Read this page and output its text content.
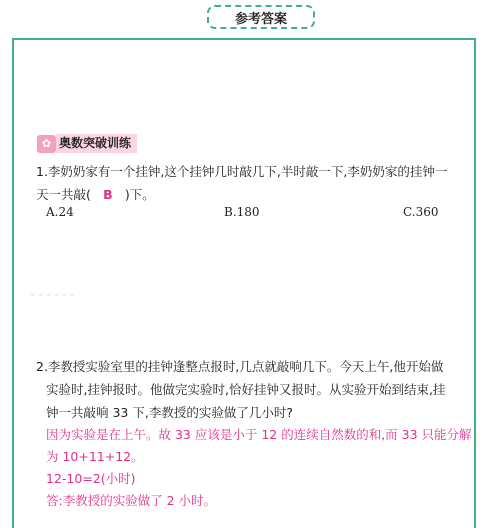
参考答案
✿ 奥数突破训练
1.李奶奶家有一个挂钟,这个挂钟几时敲几下,半时敲一下,李奶奶家的挂钟一
天一共敲( B )下。
A.24	B.180	C.360
∽∽∽∽∽∽
2.李教授实验室里的挂钟逢整点报时,几点就敲响几下。今天上午,他开始做
实验时,挂钟报时。他做完实验时,恰好挂钟又报时。从实验开始到结束,挂
钟一共敲响 33 下,李教授的实验做了几小时?
因为实验是在上午。故 33 应该是小于 12 的连续自然数的和,而 33 只能分解
为 10+11+12。
12-10=2(小时)
答:李教授的实验做了 2 小时。
